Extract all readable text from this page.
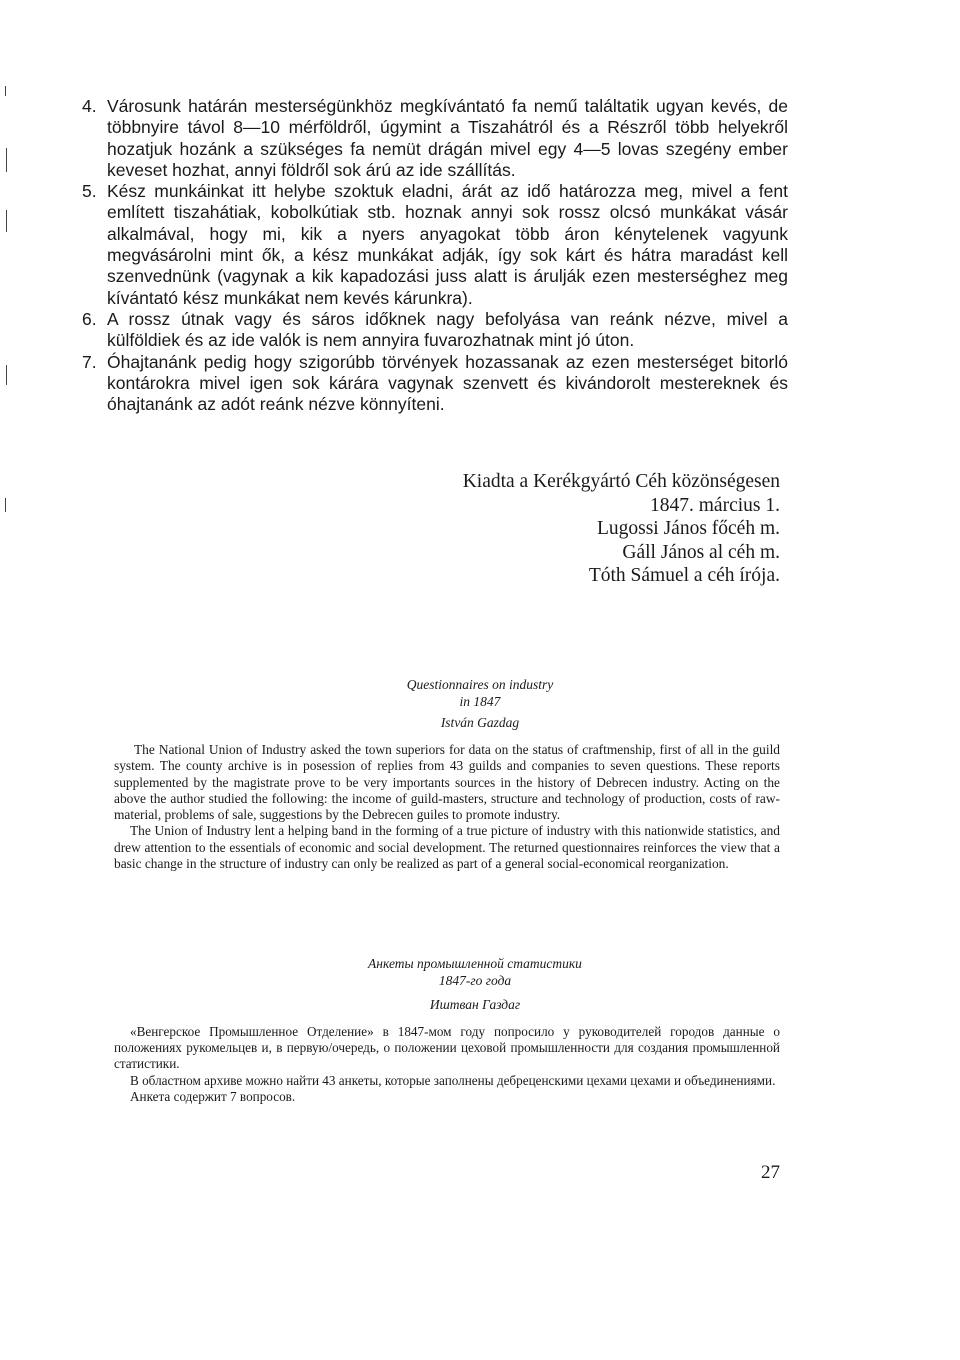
4. Városunk határán mesterségünkhöz megkívántató fa nemű találtatik ugyan kevés, de többnyire távol 8—10 mérföldről, úgymint a Tiszahátról és a Részről több helyekről hozatjuk hozánk a szükséges fa nemüt drágán mivel egy 4—5 lovas szegény ember keveset hozhat, annyi földről sok árú az ide szállítás.
5. Kész munkáinkat itt helybe szoktuk eladni, árát az idő határozza meg, mivel a fent említett tiszahátiak, kobolkútiak stb. hoznak annyi sok rossz olcsó munkákat vásár alkalmával, hogy mi, kik a nyers anyagokat több áron kénytelenek vagyunk megvásárolni mint ők, a kész munkákat adják, így sok kárt és hátra maradást kell szenvednünk (vagynak a kik kapadozási juss alatt is árulják ezen mesterséghez meg kívántató kész munkákat nem kevés kárunkra).
6. A rossz útnak vagy és sáros időknek nagy befolyása van reánk nézve, mivel a külföldiek és az ide valók is nem annyira fuvarozhatnak mint jó úton.
7. Óhajtanánk pedig hogy szigorúbb törvények hozassanak az ezen mesterséget bitorló kontárokra mivel igen sok kárára vagynak szenvett és kivándorolt mestereknek és óhajtanánk az adót reánk nézve könnyíteni.
Kiadta a Kerékgyártó Céh közönségesen
1847. március 1.
Lugossi János főcéh m.
Gáll János al céh m.
Tóth Sámuel a céh írója.
Questionnaires on industry
in 1847
István Gazdag

The National Union of Industry asked the town superiors for data on the status of craftmenship, first of all in the guild system. The county archive is in posession of replies from 43 guilds and companies to seven questions. These reports supplemented by the magistrate prove to be very importants sources in the history of Debrecen industry. Acting on the above the author studied the following: the income of guild-masters, structure and technology of production, costs of raw-material, problems of sale, suggestions by the Debrecen guiles to promote industry.

The Union of Industry lent a helping band in the forming of a true picture of industry with this nationwide statistics, and drew attention to the essentials of economic and social development. The returned questionnaires reinforces the view that a basic change in the structure of industry can only be realized as part of a general social-economical reorganization.

Анкеты промышленной статистики
1847-го года
Иштван Газдаг

«Венгерское Промышленное Отделение» в 1847-мом году попросило у руководителей городов данные о положениях рукомельцев и, в первую/очередь, о положении цеховой промышленности для создания промышленной статистики.

В областном архиве можно найти 43 анкеты, которые заполнены дебреценскими цехами цехами и объединениями.

Анкета содержит 7 вопросов.

27
